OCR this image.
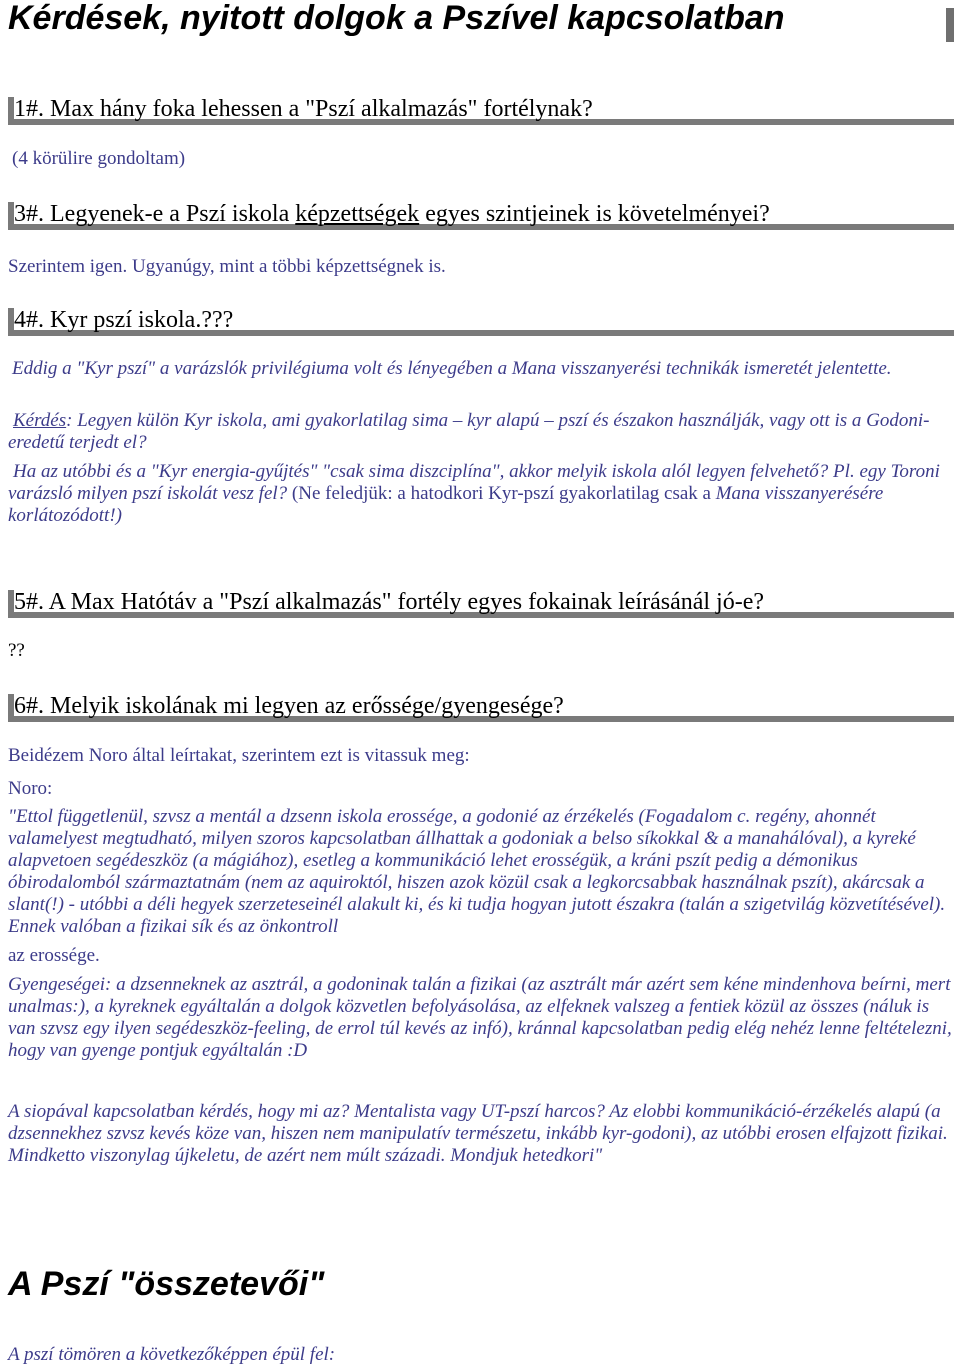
Kérdések, nyitott dolgok a Pszível kapcsolatban
1#. Max hány foka lehessen a "Pszí alkalmazás" fortélynak?
(4 körülire gondoltam)
3#. Legyenek-e a Pszí iskola képzettségek egyes szintjeinek is követelményei?
Szerintem igen. Ugyanúgy, mint a többi képzettségnek is.
4#. Kyr pszí iskola.???
Eddig a "Kyr pszí" a varázslók privilégiuma volt és lényegében a Mana visszanyerési technikák ismeretét jelentette.
Kérdés: Legyen külön Kyr iskola, ami gyakorlatilag sima – kyr alapú – pszí és északon használják, vagy ott is a Godoni-eredetű terjedt el?
Ha az utóbbi és a "Kyr energia-gyűjtés" "csak sima diszciplína", akkor melyik iskola alól legyen felvehető? Pl. egy Toroni varázsló milyen pszí iskolát vesz fel? (Ne feledjük: a hatodkori Kyr-pszí gyakorlatilag csak a Mana visszanyerésére korlátozódott!)
5#. A Max Hatótáv a "Pszí alkalmazás" fortély egyes fokainak leírásánál jó-e?
??
6#. Melyik iskolának mi legyen az erőssége/gyengesége?
Beidézem Noro által leírtakat, szerintem ezt is vitassuk meg:
Noro:
"Ettol függetlenül, szvsz a mentál a dzsenn iskola erossége, a godonié az érzékelés (Fogadalom c. regény, ahonnét valamelyest megtudható, milyen szoros kapcsolatban állhattak a godoniak a belso síkokkal & a manahálóval), a kyreké alapvetoen segédeszköz (a mágiához), esetleg a kommunikáció lehet erosségük, a kráni pszít pedig a démonikus óbirodalomból származtatnám (nem az aquiroktól, hiszen azok közül csak a legkorcsabbak használnak pszít), akárcsak a slant(!) - utóbbi a déli hegyek szerzeteseinél alakult ki, és ki tudja hogyan jutott északra (talán a szigetvilág közvetítésével). Ennek valóban a fizikai sík és az önkontroll
az erossége.
Gyengeségei: a dzsenneknek az asztrál, a godoninak talán a fizikai (az asztrált már azért sem kéne mindenhova beírni, mert unalmas:), a kyreknek egyáltalán a dolgok közvetlen befolyásolása, az elfeknek valszeg a fentiek közül az összes (náluk is van szvsz egy ilyen segédeszköz-feeling, de errol túl kevés az infó), kránnal kapcsolatban pedig elég nehéz lenne feltételezni, hogy van gyenge pontjuk egyáltalán :D
A siopával kapcsolatban kérdés, hogy mi az? Mentalista vagy UT-pszí harcos? Az elobbi kommunikáció-érzékelés alapú (a dzsennekhez szvsz kevés köze van, hiszen nem manipulatív természetu, inkább kyr-godoni), az utóbbi erosen elfajzott fizikai. Mindketto viszonylag újkeletu, de azért nem múlt századi. Mondjuk hetedkori"
A Pszí "összetevői"
A pszí tömören a következőképpen épül fel:
